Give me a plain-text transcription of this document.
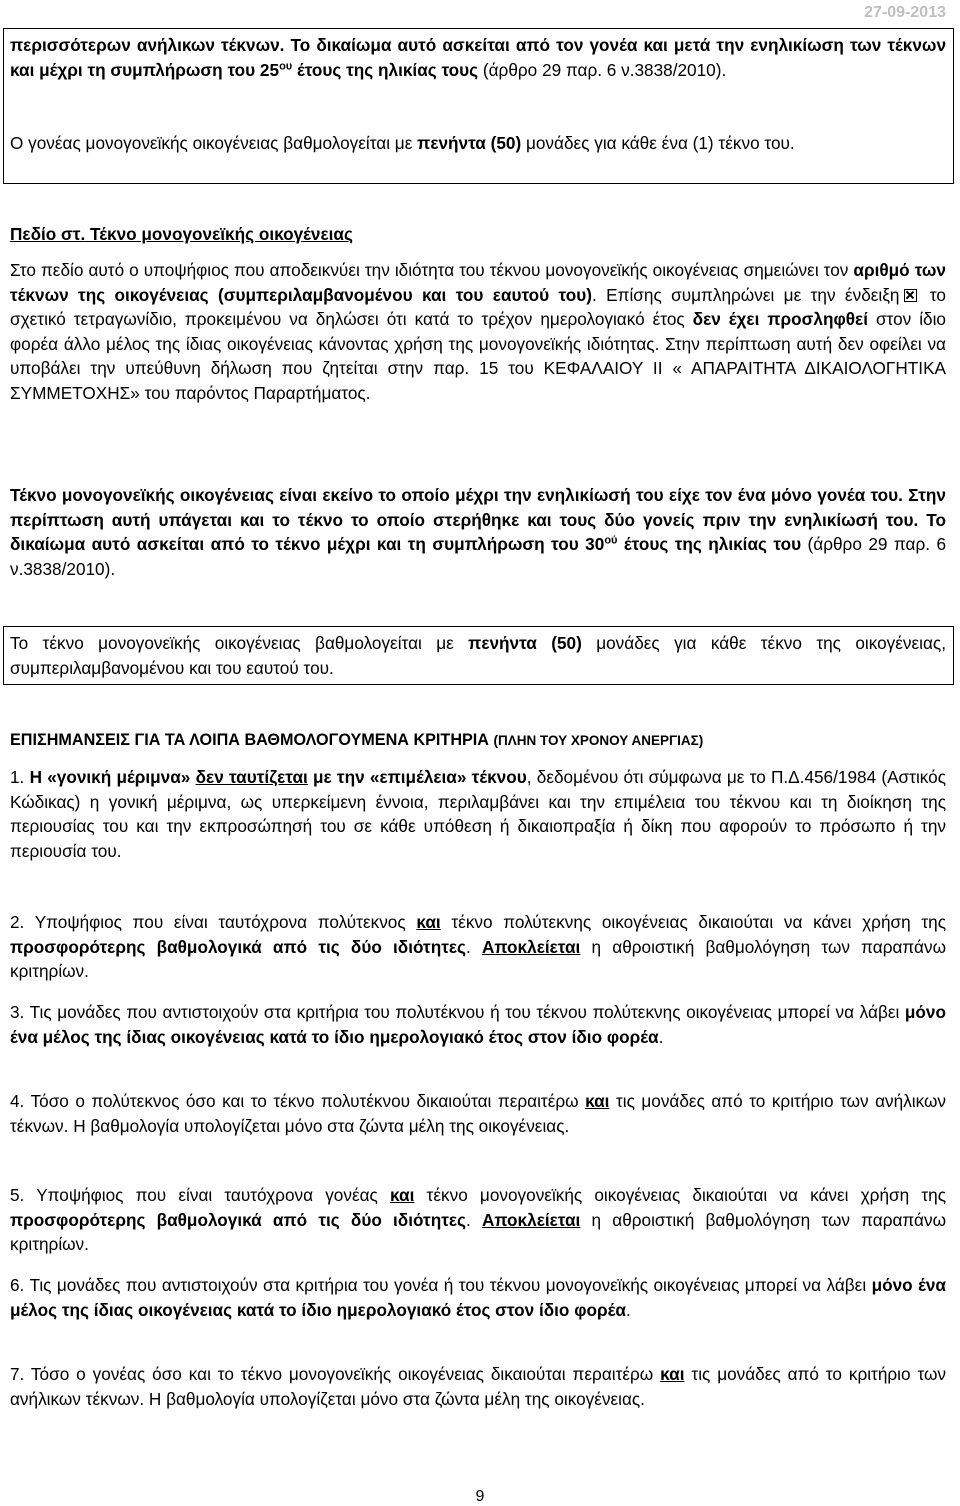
27-09-2013

περισσότερων ανήλικων τέκνων. Το δικαίωμα αυτό ασκείται από τον γονέα και μετά την ενηλικίωση των τέκνων και μέχρι τη συμπλήρωση του $25^{o\upsilon}$ έτους της ηλικίας τους (άρθρο 29 παρ. 6 ν.3838/2010).

Ο γονέας μονογονεϊκής οικογένειας βαθμολογείται με πενήντα (50) μονάδες για κάθε ένα (1) τέκνο του.

Πεδίο στ. Τέκνο μονογονεϊκής οικογένειας

Στο πεδίο αυτό ο υποψήφιος που αποδεικνύει την ιδιότητα του τέκνου μονογονεϊκής οικογένειας σημειώνει τον αριθμό των τέκνων της οικογένειας (συμπεριλαμβανομένου και του εαυτού του). Επίσης συμπληρώνει με την ένδειξη το σχετικό τετραγωνίδιο, προκειμένου να δηλώσει ότι κατά το τρέχον ημερολογιακό έτος δεν έχει προσληφθεί στον ίδιο φορέα άλλο μέλος της ίδιας οικογένειας κάνοντας χρήση της μονογονεϊκής ιδιότητας. Στην περίπτωση αυτή δεν οφείλει να υποβάλει την υπεύθυνη δήλωση που ζητείται στην παρ. 15 του ΚΕΦΑΛΑΙΟΥ ΙΙ « ΑΠΑΡΑΙΤΗΤΑ ΔΙΚΑΙΟΛΟΓΗΤΙΚΑ ΣΥΜΜΕΤΟΧΗΣ» του παρόντος Παραρτήματος.

Τέκνο μονογονεϊκής οικογένειας είναι εκείνο το οποίο μέχρι την ενηλικίωσή του είχε τον ένα μόνο γονέα του. Στην περίπτωση αυτή υπάγεται και το τέκνο το οποίο στερήθηκε και τους δύο γονείς πριν την ενηλικίωσή του. Το δικαίωμα αυτό ασκείται από το τέκνο μέχρι και τη συμπλήρωση του $30^{oύ}$ έτους της ηλικίας του (άρθρο 29 παρ. 6 ν.3838/2010).

Το τέκνο μονογονεϊκής οικογένειας βαθμολογείται με πενήντα (50) μονάδες για κάθε τέκνο της οικογένειας, συμπεριλαμβανομένου και του εαυτού του.

ΕΠΙΣΗΜΑΝΣΕΙΣ ΓΙΑ ΤΑ ΛΟΙΠΑ ΒΑΘΜΟΛΟΓΟΥΜΕΝΑ ΚΡΙΤΗΡΙΑ (ΠΛΗΝ ΤΟΥ ΧΡΟΝΟΥ ΑΝΕΡΓΙΑΣ)

1. Η «γονική μέριμνα» δεν ταυτίζεται με την «επιμέλεια» τέκνου, δεδομένου ότι σύμφωνα με το Π.Δ.456/1984 (Αστικός Κώδικας) η γονική μέριμνα, ως υπερκείμενη έννοια, περιλαμβάνει και την επιμέλεια του τέκνου και τη διοίκηση της περιουσίας του και την εκπροσώπησή του σε κάθε υπόθεση ή δικαιοπραξία ή δίκη που αφορούν το πρόσωπο ή την περιουσία του.

2. Υποψήφιος που είναι ταυτόχρονα πολύτεκνος και τέκνο πολύτεκνης οικογένειας δικαιούται να κάνει χρήση της προσφορότερης βαθμολογικά από τις δύο ιδιότητες. Αποκλείεται η αθροιστική βαθμολόγηση των παραπάνω κριτηρίων.

3. Τις μονάδες που αντιστοιχούν στα κριτήρια του πολυτέκνου ή του τέκνου πολύτεκνης οικογένειας μπορεί να λάβει μόνο ένα μέλος της ίδιας οικογένειας κατά το ίδιο ημερολογιακό έτος στον ίδιο φορέα.

4. Τόσο ο πολύτεκνος όσο και το τέκνο πολυτέκνου δικαιούται περαιτέρω και τις μονάδες από το κριτήριο των ανήλικων τέκνων. Η βαθμολογία υπολογίζεται μόνο στα ζώντα μέλη της οικογένειας.

5. Υποψήφιος που είναι ταυτόχρονα γονέας και τέκνο μονογονεϊκής οικογένειας δικαιούται να κάνει χρήση της προσφορότερης βαθμολογικά από τις δύο ιδιότητες. Αποκλείεται η αθροιστική βαθμολόγηση των παραπάνω κριτηρίων.

6. Τις μονάδες που αντιστοιχούν στα κριτήρια του γονέα ή του τέκνου μονογονεϊκής οικογένειας μπορεί να λάβει μόνο ένα μέλος της ίδιας οικογένειας κατά το ίδιο ημερολογιακό έτος στον ίδιο φορέα.

7. Τόσο ο γονέας όσο και το τέκνο μονογονεϊκής οικογένειας δικαιούται περαιτέρω και τις μονάδες από το κριτήριο των ανήλικων τέκνων. Η βαθμολογία υπολογίζεται μόνο στα ζώντα μέλη της οικογένειας.

9
